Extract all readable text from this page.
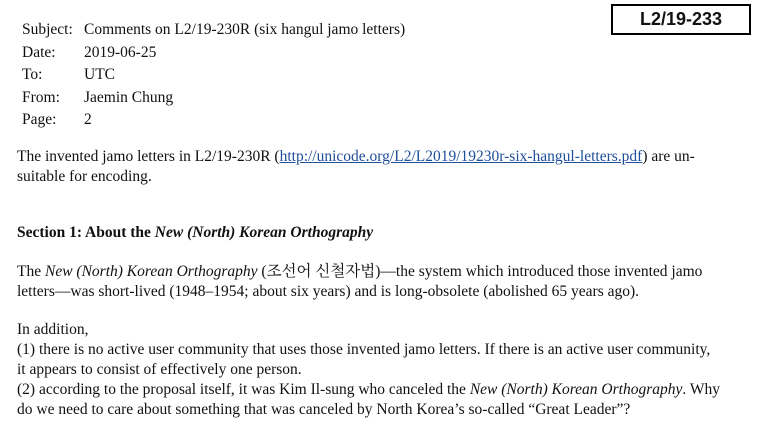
L2/19-233
Subject: Comments on L2/19-230R (six hangul jamo letters)
Date: 2019-06-25
To:	UTC
From: Jaemin Chung
Page: 2
The invented jamo letters in L2/19-230R (http://unicode.org/L2/L2019/19230r-six-hangul-letters.pdf) are un-
suitable for encoding.
Section 1: About the New (North) Korean Orthography
The New (North) Korean Orthography (조선어 신철자법)—the system which introduced those invented jamo
letters—was short-lived (1948–1954; about six years) and is long-obsolete (abolished 65 years ago).
In addition,
(1) there is no active user community that uses those invented jamo letters. If there is an active user community,
it appears to consist of effectively one person.
(2) according to the proposal itself, it was Kim Il-sung who canceled the New (North) Korean Orthography. Why
do we need to care about something that was canceled by North Korea’s so-called “Great Leader”?
